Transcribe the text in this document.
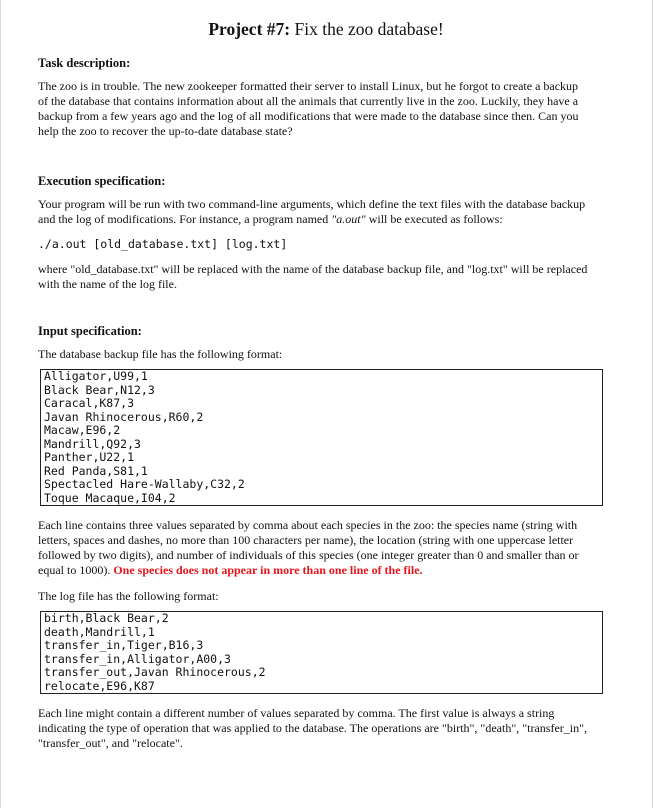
Project #7: Fix the zoo database!
Task description:
The zoo is in trouble. The new zookeeper formatted their server to install Linux, but he forgot to create a backup
of the database that contains information about all the animals that currently live in the zoo. Luckily, they have a
backup from a few years ago and the log of all modifications that were made to the database since then. Can you
help the zoo to recover the up-to-date database state?
Execution specification:
Your program will be run with two command-line arguments, which define the text files with the database backup
and the log of modifications. For instance, a program named "a.out" will be executed as follows:
./a.out [old_database.txt] [log.txt]
where "old_database.txt" will be replaced with the name of the database backup file, and "log.txt" will be replaced
with the name of the log file.
Input specification:
The database backup file has the following format:
Alligator,U99,1
Black Bear,N12,3
Caracal,K87,3
Javan Rhinocerous,R60,2
Macaw,E96,2
Mandrill,Q92,3
Panther,U22,1
Red Panda,S81,1
Spectacled Hare-Wallaby,C32,2
Toque Macaque,I04,2
Each line contains three values separated by comma about each species in the zoo: the species name (string with
letters, spaces and dashes, no more than 100 characters per name), the location (string with one uppercase letter
followed by two digits), and number of individuals of this species (one integer greater than 0 and smaller than or
equal to 1000). One species does not appear in more than one line of the file.
The log file has the following format:
birth,Black Bear,2
death,Mandrill,1
transfer_in,Tiger,B16,3
transfer_in,Alligator,A00,3
transfer_out,Javan Rhinocerous,2
relocate,E96,K87
Each line might contain a different number of values separated by comma. The first value is always a string
indicating the type of operation that was applied to the database. The operations are "birth", "death", "transfer_in",
"transfer_out", and "relocate".
